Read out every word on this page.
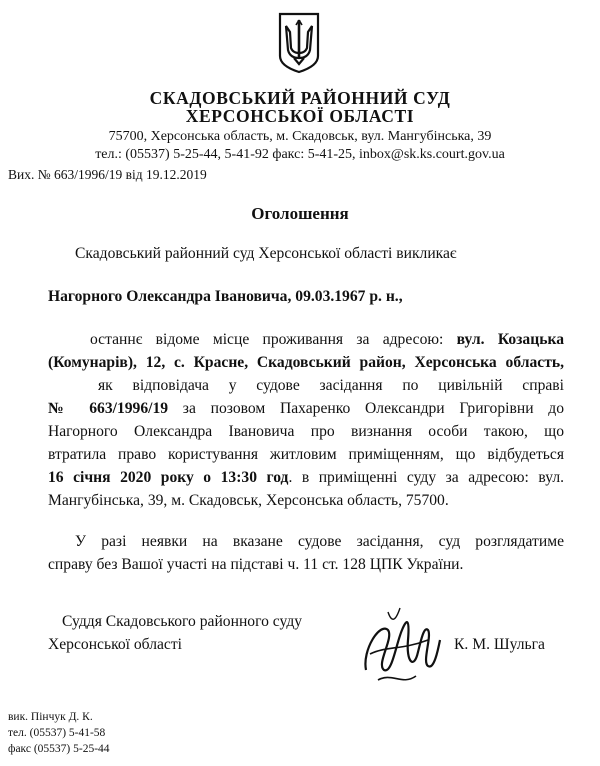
СКАДОВСЬКИЙ РАЙОННИЙ СУД

ХЕРСОНСЬКОЇ ОБЛАСТІ

75700, Херсонська область, м. Скадовськ, вул. Мангубінська, 39

тел.: (05537) 5-25-44, 5-41-92 факс: 5-41-25, inbox@sk.ks.court.gov.ua

Вих. № 663/1996/19 від 19.12.2019

Оголошення

Скадовський районний суд Херсонської області викликає

Нагорного Олександра Івановича, 09.03.1967 р. н.,

останнє відоме місце проживання за адресою: вул. Козацька

(Комунарів), 12, с. Красне, Скадовський район, Херсонська область,

як відповідача у судове засідання по цивільній справі

№ 663/1996/19 за позовом Пахаренко Олександри Григорівни до

Нагорного Олександра Івановича про визнання особи такою, що

втратила право користування житловим приміщенням, що відбудеться

16 січня 2020 року о 13:30 год. в приміщенні суду за адресою: вул.

Мангубінська, 39, м. Скадовськ, Херсонська область, 75700.

У разі неявки на вказане судове засідання, суд розглядатиме

справу без Вашої участі на підставі ч. 11 ст. 128 ЦПК України.

Суддя Скадовського районного суду

Херсонської області	К. М. Шульга

вик. Пінчук Д. К.

тел. (05537) 5-41-58

факс (05537) 5-25-44
